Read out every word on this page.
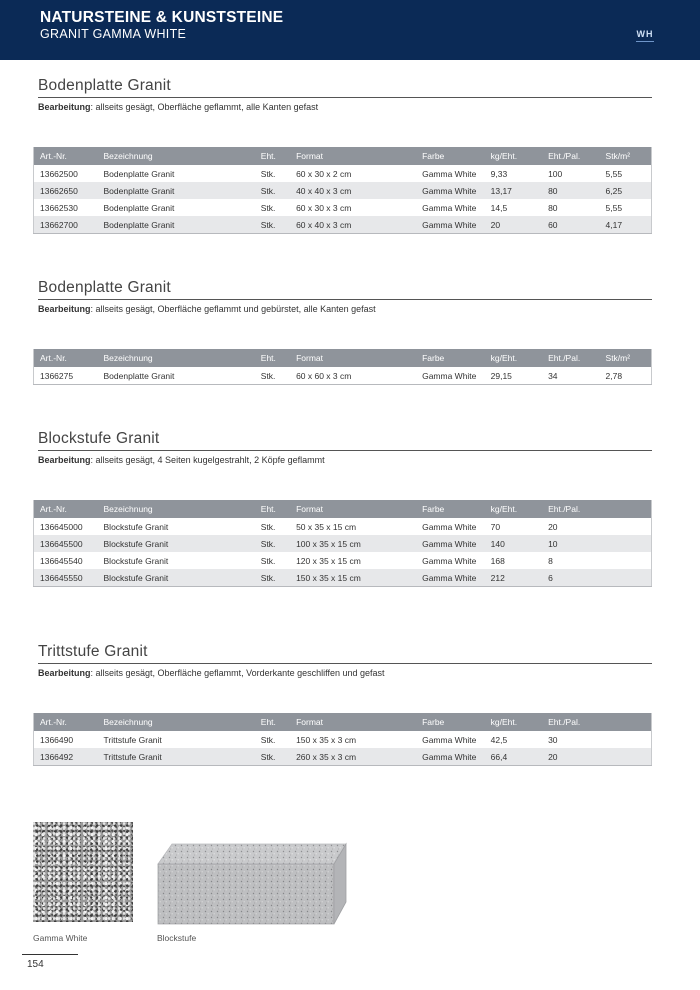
NATURSTEINE & KUNSTSTEINE
GRANIT GAMMA WHITE	WH
Bodenplatte Granit
Bearbeitung: allseits gesägt, Oberfläche geflammt, alle Kanten gefast
Art.-Nr.	Bezeichnung	Eht.	Format	Farbe	kg/Eht.	Eht./Pal.	Stk/m²
13662500	Bodenplatte Granit	Stk.	60 x 30 x 2 cm	Gamma White	9,33	100	5,55
13662650	Bodenplatte Granit	Stk.	40 x 40 x 3 cm	Gamma White	13,17	80	6,25
13662530	Bodenplatte Granit	Stk.	60 x 30 x 3 cm	Gamma White	14,5	80	5,55
13662700	Bodenplatte Granit	Stk.	60 x 40 x 3 cm	Gamma White	20	60	4,17
Bodenplatte Granit
Bearbeitung: allseits gesägt, Oberfläche geflammt und gebürstet, alle Kanten gefast
Art.-Nr.	Bezeichnung	Eht.	Format	Farbe	kg/Eht.	Eht./Pal.	Stk/m²
1366275	Bodenplatte Granit	Stk.	60 x 60 x 3 cm	Gamma White	29,15	34	2,78
Blockstufe Granit
Bearbeitung: allseits gesägt, 4 Seiten kugelgestrahlt, 2 Köpfe geflammt
Art.-Nr.	Bezeichnung	Eht.	Format	Farbe	kg/Eht.	Eht./Pal.	
136645000	Blockstufe Granit	Stk.	50 x 35 x 15 cm	Gamma White	70	20	
136645500	Blockstufe Granit	Stk.	100 x 35 x 15 cm	Gamma White	140	10	
136645540	Blockstufe Granit	Stk.	120 x 35 x 15 cm	Gamma White	168	8	
136645550	Blockstufe Granit	Stk.	150 x 35 x 15 cm	Gamma White	212	6	
Trittstufe Granit
Bearbeitung: allseits gesägt, Oberfläche geflammt, Vorderkante geschliffen und gefast
Art.-Nr.	Bezeichnung	Eht.	Format	Farbe	kg/Eht.	Eht./Pal.	
1366490	Trittstufe Granit	Stk.	150 x 35 x 3 cm	Gamma White	42,5	30	
1366492	Trittstufe Granit	Stk.	260 x 35 x 3 cm	Gamma White	66,4	20	
Gamma White	Blockstufe
154
